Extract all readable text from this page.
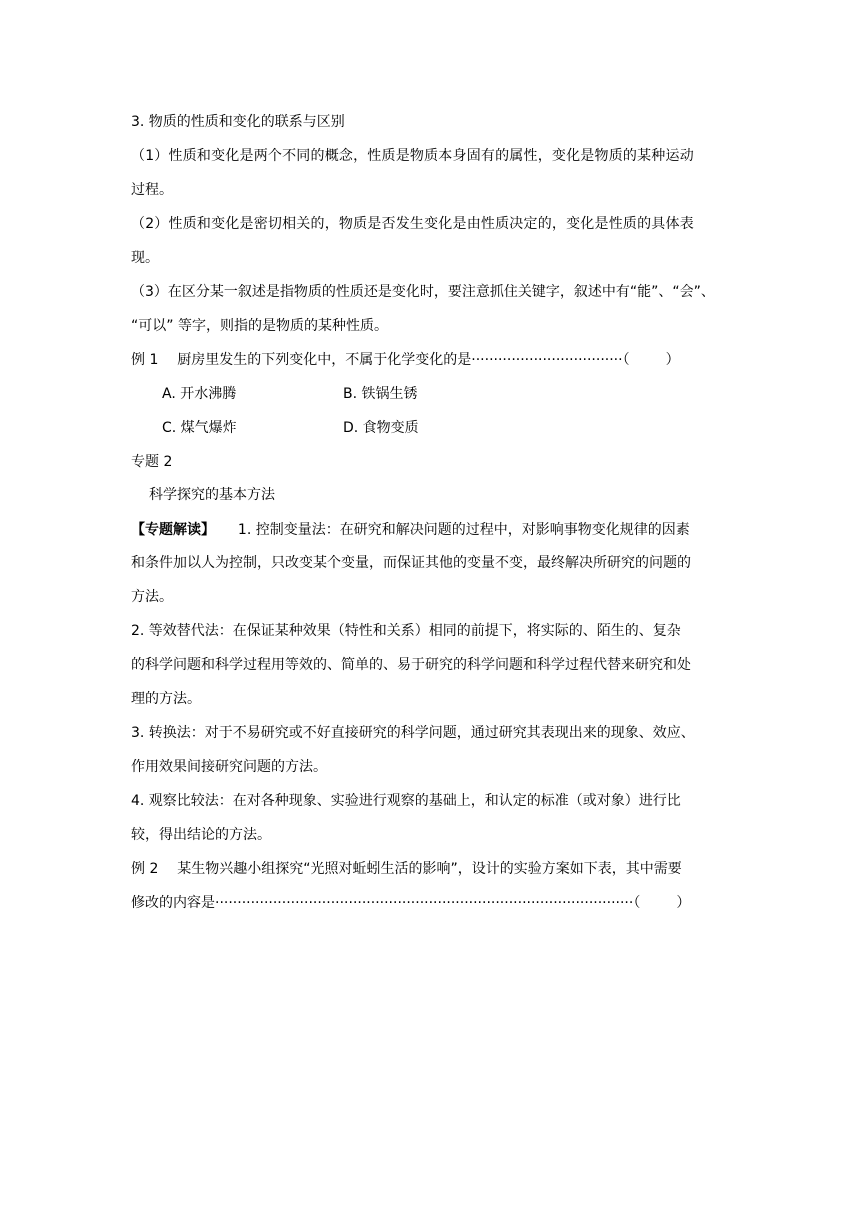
3. 物质的性质和变化的联系与区别
（1）性质和变化是两个不同的概念，性质是物质本身固有的属性，变化是物质的某种运动
过程。
（2）性质和变化是密切相关的，物质是否发生变化是由性质决定的，变化是性质的具体表
现。
（3）在区分某一叙述是指物质的性质还是变化时，要注意抓住关键字，叙述中有“能”、“会”、
“可以” 等字，则指的是物质的某种性质。
例 1 厨房里发生的下列变化中，不属于化学变化的是··································（	）
A. 开水沸腾	B. 铁锅生锈
C. 煤气爆炸	D. 食物变质
专题 2
科学探究的基本方法
【专题解读】 1. 控制变量法：在研究和解决问题的过程中，对影响事物变化规律的因素
和条件加以人为控制，只改变某个变量，而保证其他的变量不变，最终解决所研究的问题的
方法。
2. 等效替代法：在保证某种效果（特性和关系）相同的前提下，将实际的、陌生的、复杂
的科学问题和科学过程用等效的、简单的、易于研究的科学问题和科学过程代替来研究和处
理的方法。
3. 转换法：对于不易研究或不好直接研究的科学问题，通过研究其表现出来的现象、效应、
作用效果间接研究问题的方法。
4. 观察比较法：在对各种现象、实验进行观察的基础上，和认定的标准（或对象）进行比
较，得出结论的方法。
例 2 某生物兴趣小组探究“光照对蚯蚓生活的影响”，设计的实验方案如下表，其中需要
修改的内容是······························································································（	）
